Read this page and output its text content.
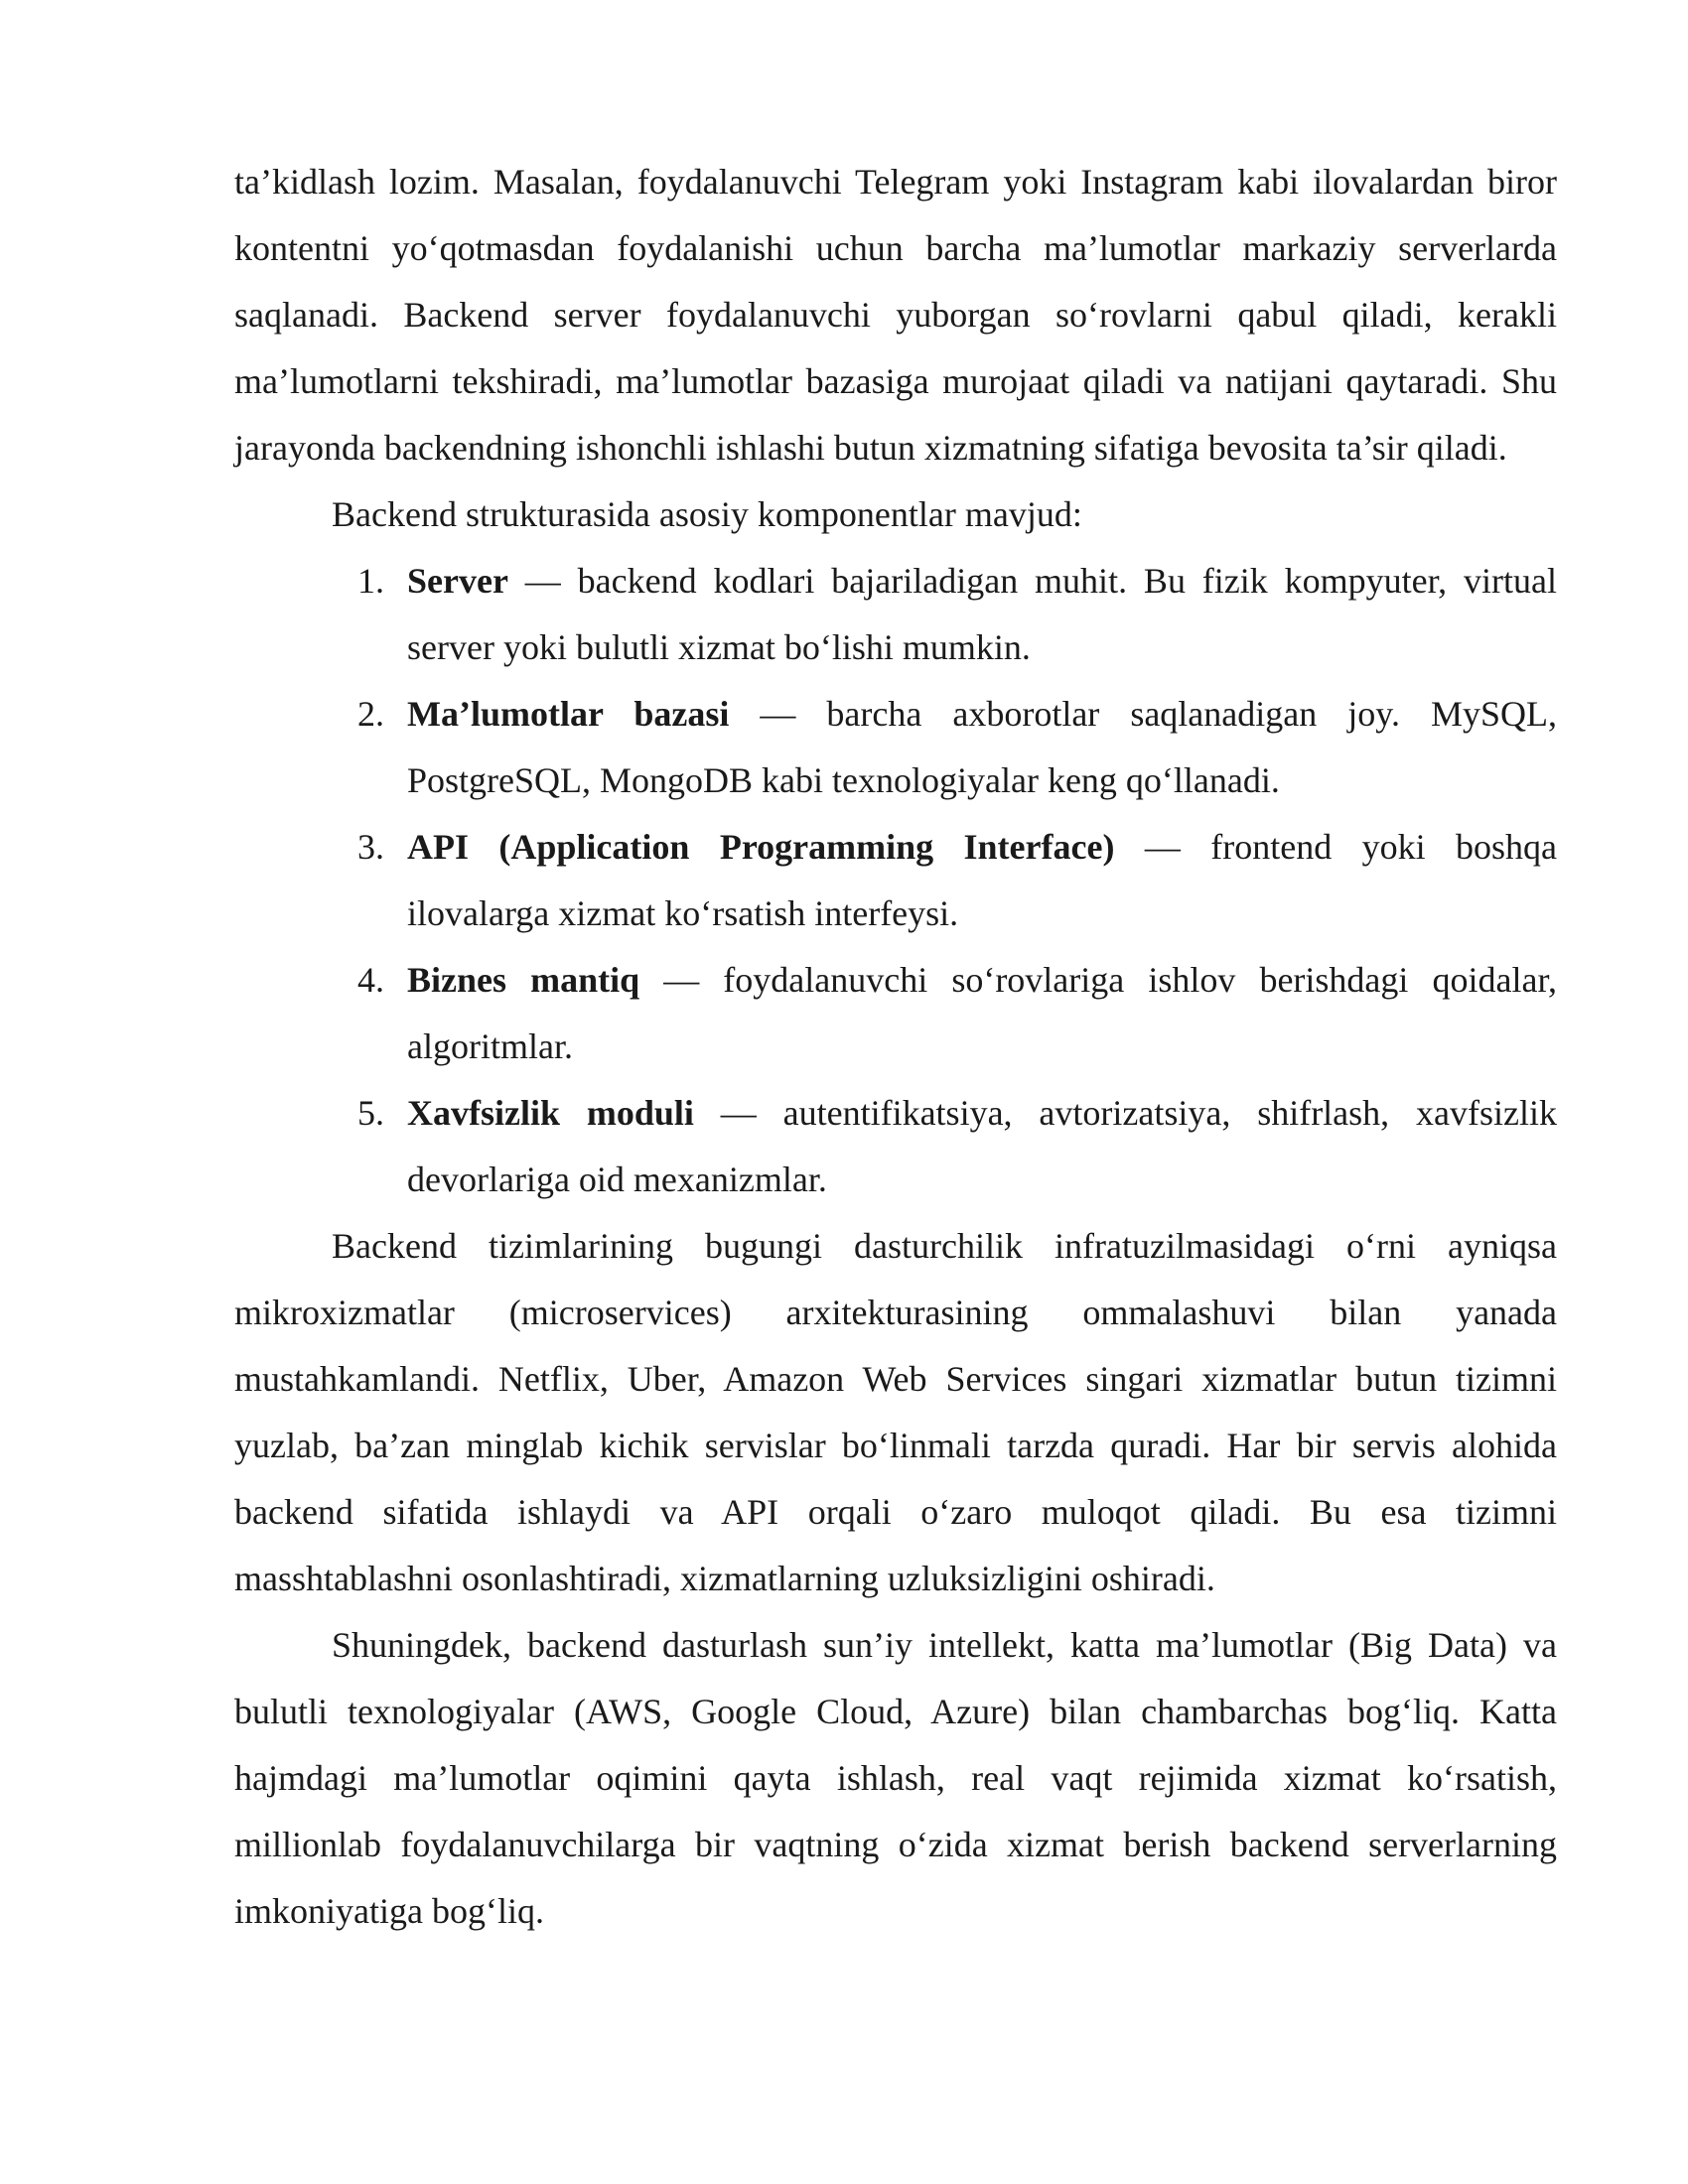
ta’kidlash lozim. Masalan, foydalanuvchi Telegram yoki Instagram kabi ilovalardan biror kontentni yo‘qotmasdan foydalanishi uchun barcha ma’lumotlar markaziy serverlarda saqlanadi. Backend server foydalanuvchi yuborgan so‘rovlarni qabul qiladi, kerakli ma’lumotlarni tekshiradi, ma’lumotlar bazasiga murojaat qiladi va natijani qaytaradi. Shu jarayonda backendning ishonchli ishlashi butun xizmatning sifatiga bevosita ta’sir qiladi.

Backend strukturasida asosiy komponentlar mavjud:

1. Server — backend kodlari bajariladigan muhit. Bu fizik kompyuter, virtual server yoki bulutli xizmat bo‘lishi mumkin.
2. Ma’lumotlar bazasi — barcha axborotlar saqlanadigan joy. MySQL, PostgreSQL, MongoDB kabi texnologiyalar keng qo‘llanadi.
3. API (Application Programming Interface) — frontend yoki boshqa ilovalarga xizmat ko‘rsatish interfeysi.
4. Biznes mantiq — foydalanuvchi so‘rovlariga ishlov berishdagi qoidalar, algoritmlar.
5. Xavfsizlik moduli — autentifikatsiya, avtorizatsiya, shifrlash, xavfsizlik devorlariga oid mexanizmlar.

Backend tizimlarining bugungi dasturchilik infratuzilmasidagi o‘rni ayniqsa mikroxizmatlar (microservices) arxitekturasining ommalashuvi bilan yanada mustahkamlandi. Netflix, Uber, Amazon Web Services singari xizmatlar butun tizimni yuzlab, ba’zan minglab kichik servislar bo‘linmali tarzda quradi. Har bir servis alohida backend sifatida ishlaydi va API orqali o‘zaro muloqot qiladi. Bu esa tizimni masshtablashni osonlashtiradi, xizmatlarning uzluksizligini oshiradi.

Shuningdek, backend dasturlash sun’iy intellekt, katta ma’lumotlar (Big Data) va bulutli texnologiyalar (AWS, Google Cloud, Azure) bilan chambarchas bog‘liq. Katta hajmdagi ma’lumotlar oqimini qayta ishlash, real vaqt rejimida xizmat ko‘rsatish, millionlab foydalanuvchilarga bir vaqtning o‘zida xizmat berish backend serverlarning imkoniyatiga bog‘liq.
